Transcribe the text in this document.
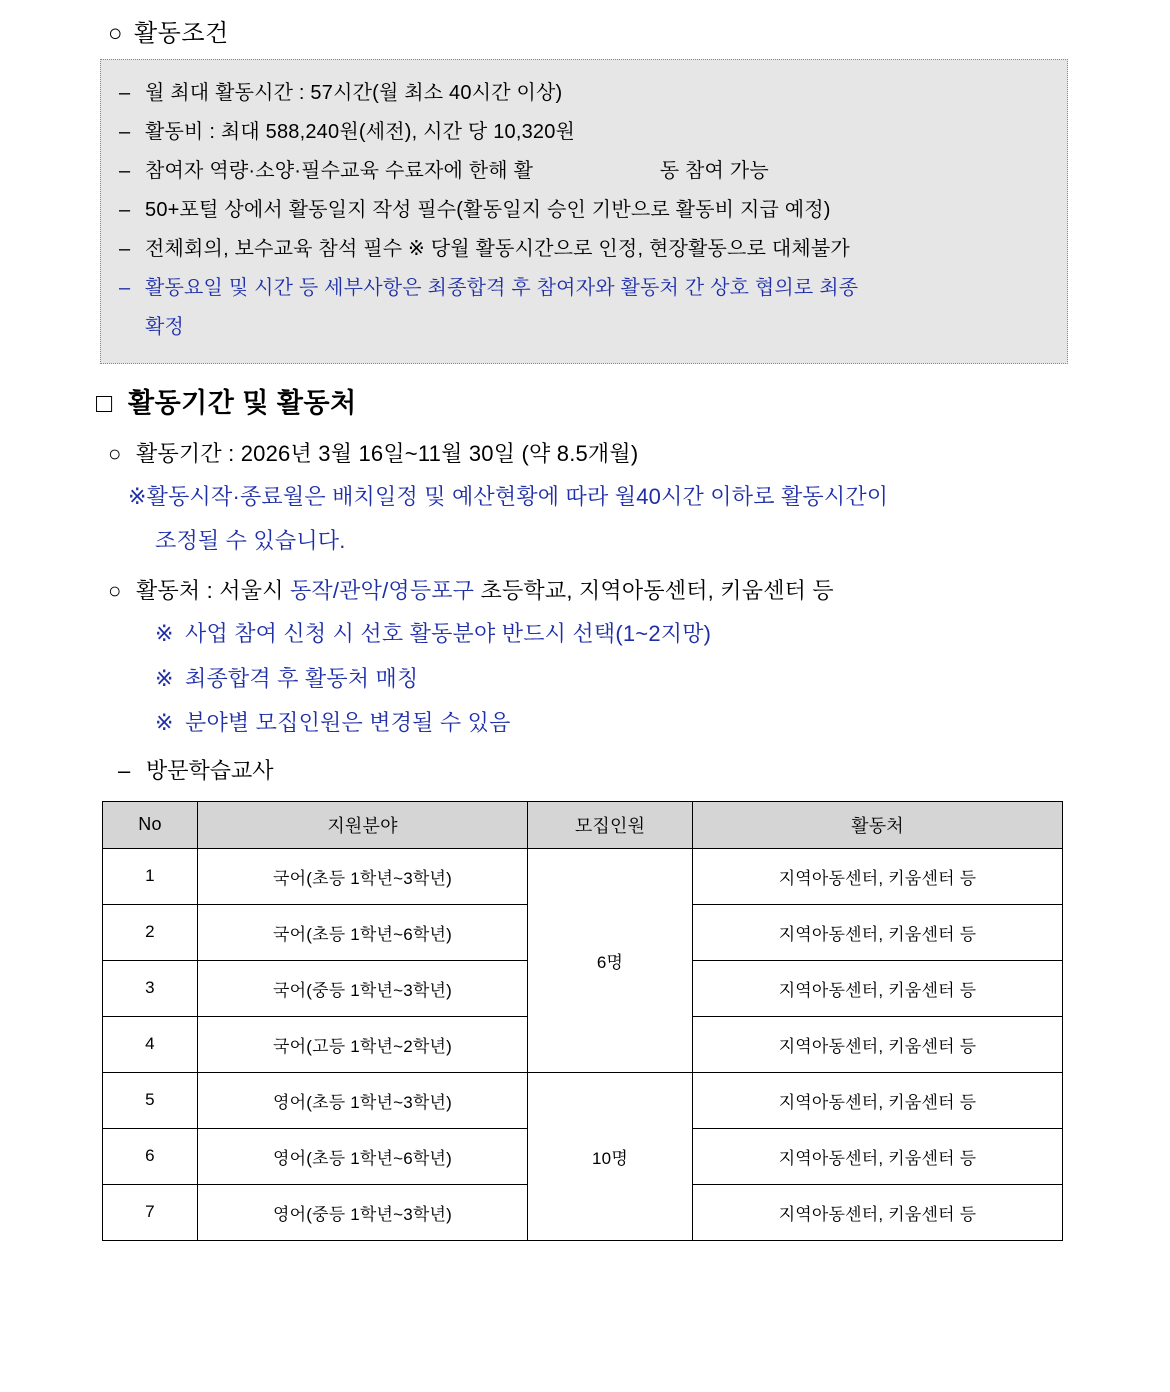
○ 활동조건
– 월 최대 활동시간 : 57시간(월 최소 40시간 이상)
– 활동비 : 최대 588,240원(세전), 시간 당 10,320원
– 참여자 역량·소양·필수교육 수료자에 한해 활                      동 참여 가능
– 50+포털 상에서 활동일지 작성 필수(활동일지 승인 기반으로 활동비 지급 예정)
– 전체회의, 보수교육 참석 필수 ※ 당월 활동시간으로 인정, 현장활동으로 대체불가
– 활동요일 및 시간 등 세부사항은 최종합격 후 참여자와 활동처 간 상호 협의로 최종
확정
□ 활동기간 및 활동처
○ 활동기간 : 2026년 3월 16일~11월 30일 (약 8.5개월)
※활동시작·종료월은 배치일정 및 예산현황에 따라 월40시간 이하로 활동시간이
조정될 수 있습니다.
○ 활동처 : 서울시 동작/관악/영등포구 초등학교, 지역아동센터, 키움센터 등
※ 사업 참여 신청 시 선호 활동분야 반드시 선택(1~2지망)
※ 최종합격 후 활동처 매칭
※ 분야별 모집인원은 변경될 수 있음
– 방문학습교사
No	지원분야	모집인원	활동처
1	국어(초등 1학년~3학년)	6명	지역아동센터, 키움센터 등
2	국어(초등 1학년~6학년)		지역아동센터, 키움센터 등
3	국어(중등 1학년~3학년)		지역아동센터, 키움센터 등
4	국어(고등 1학년~2학년)		지역아동센터, 키움센터 등
5	영어(초등 1학년~3학년)	10명	지역아동센터, 키움센터 등
6	영어(초등 1학년~6학년)		지역아동센터, 키움센터 등
7	영어(중등 1학년~3학년)		지역아동센터, 키움센터 등
